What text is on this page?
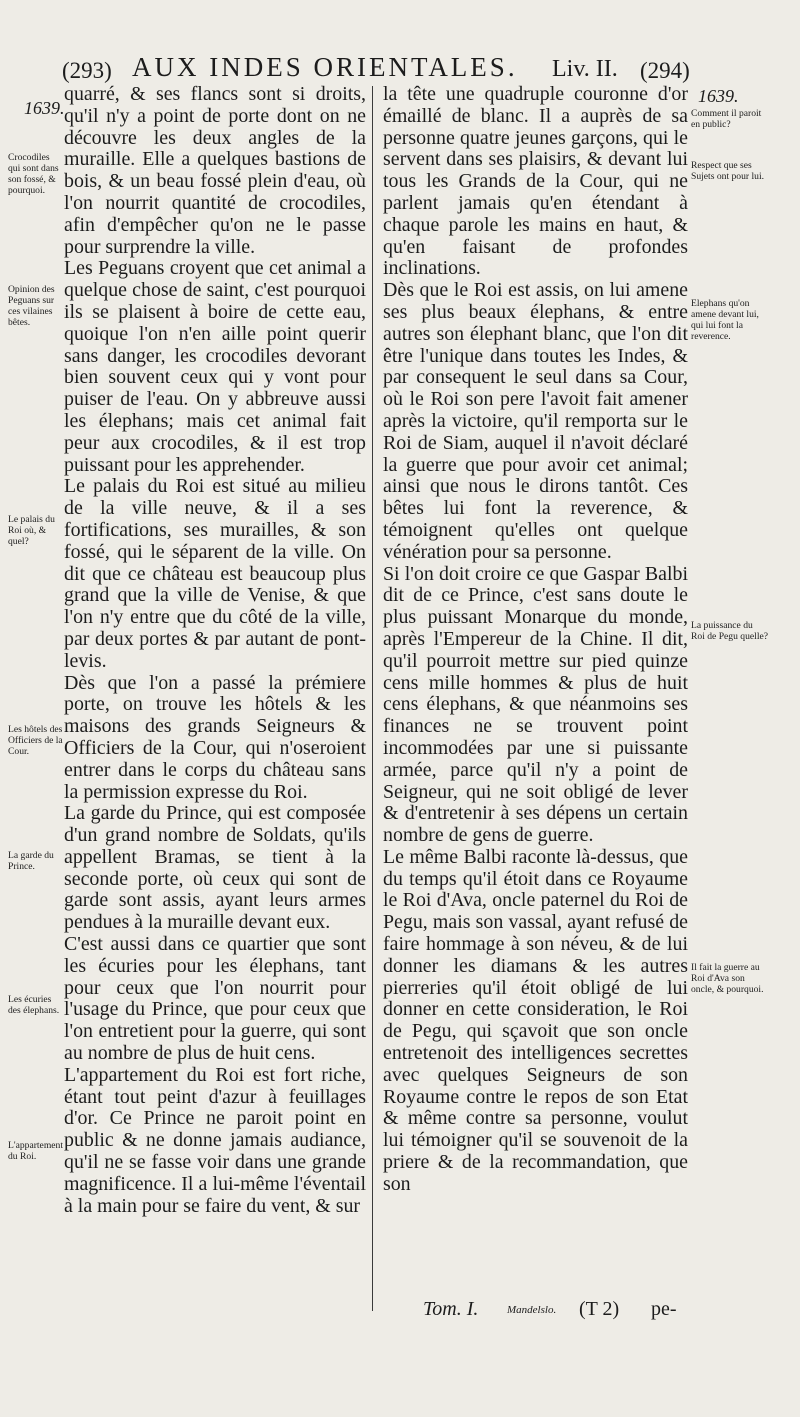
(293) AUX INDES ORIENTALES. Liv. II. (294)
1639.
1639.

quarré, & ses flancs sont si droits, qu'il n'y a point de porte dont on ne découvre les deux angles de la muraille. Elle a quelques bastions de bois, & un beau fossé plein d'eau, où l'on nourrit quantité de crocodiles, afin d'empêcher qu'on ne le passe pour surprendre la ville.

Les Peguans croyent que cet animal a quelque chose de saint, c'est pourquoi ils se plaisent à boire de cette eau, quoique l'on n'en aille point querir sans danger, les crocodiles devorant bien souvent ceux qui y vont pour puiser de l'eau. On y abbreuve aussi les élephans; mais cet animal fait peur aux crocodiles, & il est trop puissant pour les apprehender.

Le palais du Roi est situé au milieu de la ville neuve, & il a ses fortifications, ses murailles, & son fossé, qui le séparent de la ville. On dit que ce château est beaucoup plus grand que la ville de Venise, & que l'on n'y entre que du côté de la ville, par deux portes & par autant de pont-levis.

Dès que l'on a passé la prémiere porte, on trouve les hôtels & les maisons des grands Seigneurs & Officiers de la Cour, qui n'oseroient entrer dans le corps du château sans la permission expresse du Roi.

La garde du Prince, qui est composée d'un grand nombre de Soldats, qu'ils appellent Bramas, se tient à la seconde porte, où ceux qui sont de garde sont assis, ayant leurs armes pendues à la muraille devant eux.

C'est aussi dans ce quartier que sont les écuries pour les élephans, tant pour ceux que l'on nourrit pour l'usage du Prince, que pour ceux que l'on entretient pour la guerre, qui sont au nombre de plus de huit cens.

L'appartement du Roi est fort riche, étant tout peint d'azur à feuillages d'or. Ce Prince ne paroit point en public & ne donne jamais audiance, qu'il ne se fasse voir dans une grande magnificence. Il a lui-même l'éventail à la main pour se faire du vent, & sur

la tête une quadruple couronne d'or émaillé de blanc. Il a auprès de sa personne quatre jeunes garçons, qui le servent dans ses plaisirs, & devant lui tous les Grands de la Cour, qui ne parlent jamais qu'en étendant à chaque parole les mains en haut, & qu'en faisant de profondes inclinations.

Dès que le Roi est assis, on lui amene ses plus beaux élephans, & entre autres son élephant blanc, que l'on dit être l'unique dans toutes les Indes, & par consequent le seul dans sa Cour, où le Roi son pere l'avoit fait amener après la victoire, qu'il remporta sur le Roi de Siam, auquel il n'avoit déclaré la guerre que pour avoir cet animal; ainsi que nous le dirons tantôt. Ces bêtes lui font la reverence, & témoignent qu'elles ont quelque vénération pour sa personne.

Si l'on doit croire ce que Gaspar Balbi dit de ce Prince, c'est sans doute le plus puissant Monarque du monde, après l'Empereur de la Chine. Il dit, qu'il pourroit mettre sur pied quinze cens mille hommes & plus de huit cens élephans, & que néanmoins ses finances ne se trouvent point incommodées par une si puissante armée, parce qu'il n'y a point de Seigneur, qui ne soit obligé de lever & d'entretenir à ses dépens un certain nombre de gens de guerre.

Le même Balbi raconte là-dessus, que du temps qu'il étoit dans ce Royaume le Roi d'Ava, oncle paternel du Roi de Pegu, mais son vassal, ayant refusé de faire hommage à son néveu, & de lui donner les diamans & les autres pierreries qu'il étoit obligé de lui donner en cette consideration, le Roi de Pegu, qui sçavoit que son oncle entretenoit des intelligences secrettes avec quelques Seigneurs de son Royaume contre le repos de son Etat & même contre sa personne, voulut lui témoigner qu'il se souvenoit de la priere & de la recommandation, que son

Crocodiles qui sont dans son fossé, & pourquoi.
Opinion des Peguans sur ces vilaines bêtes.
Le palais du Roi où, & quel?
Les hôtels des Officiers de la Cour.
La garde du Prince.
Les écuries des élephans.
L'appartement du Roi.
Comment il paroit en public?
Respect que ses Sujets ont pour lui.
Elephans qu'on amene devant lui, qui lui font la reverence.
La puissance du Roi de Pegu quelle?
Il fait la guerre au Roi d'Ava son oncle, & pourquoi.
Tom. I.	Mandelslo. (T 2) pe-
